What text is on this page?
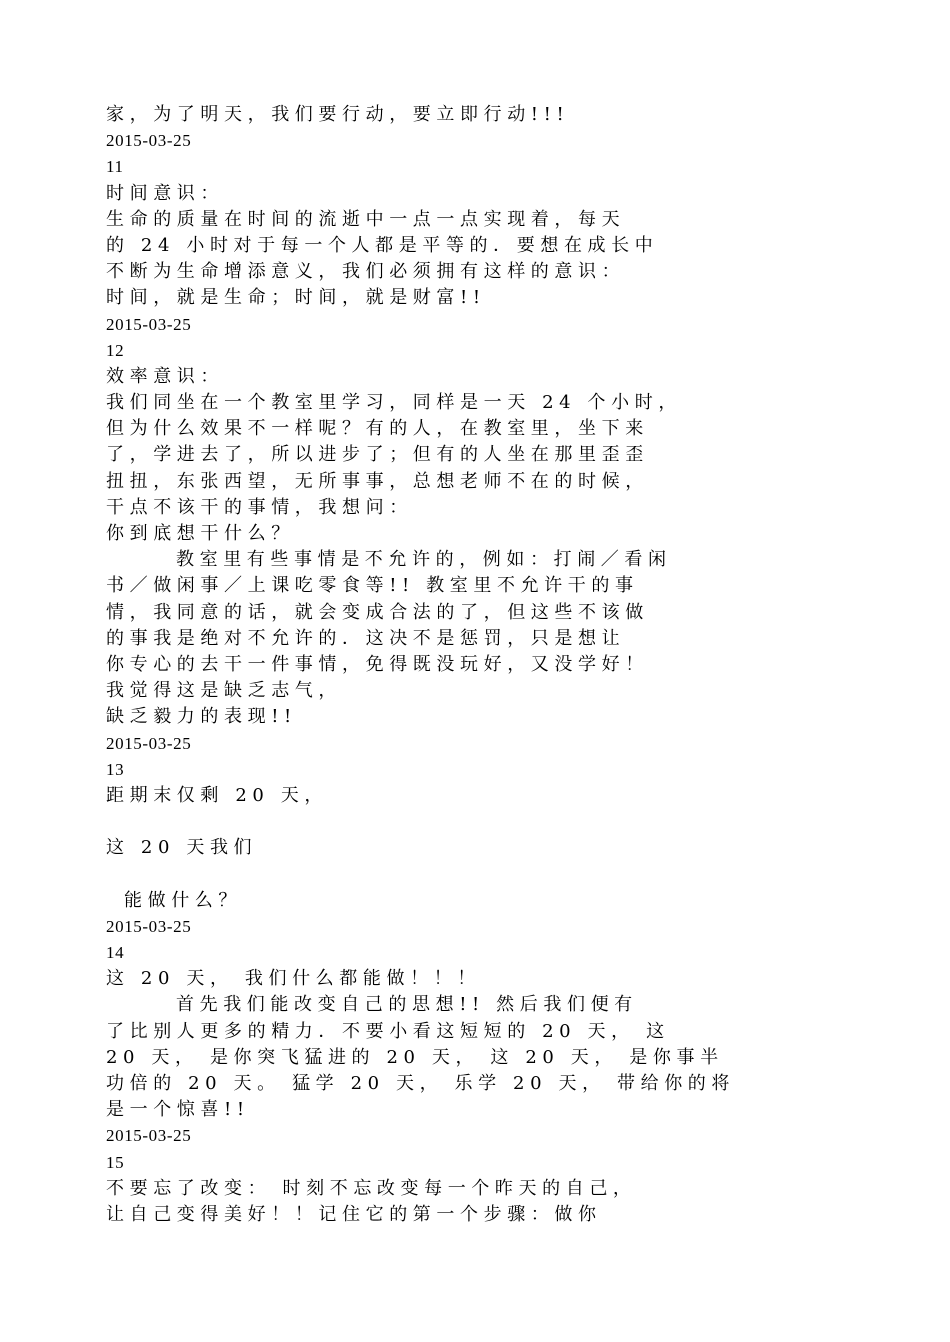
家，为了明天，我们要行动，要立即行动!!!
2015-03-25
11
时间意识：
生命的质量在时间的流逝中一点一点实现着，每天
的 24 小时对于每一个人都是平等的．要想在成长中
不断为生命增添意义，我们必须拥有这样的意识：
时间，就是生命；时间，就是财富!!
2015-03-25
12
效率意识：
我们同坐在一个教室里学习，同样是一天 24 个小时，
但为什么效果不一样呢？有的人，在教室里，坐下来
了，学进去了，所以进步了；但有的人坐在那里歪歪
扭扭，东张西望，无所事事，总想老师不在的时候，
干点不该干的事情，我想问：
你到底想干什么？
教室里有些事情是不允许的，例如：打闹／看闲
书／做闲事／上课吃零食等!! 教室里不允许干的事
情，我同意的话，就会变成合法的了，但这些不该做
的事我是绝对不允许的．这决不是惩罚，只是想让
你专心的去干一件事情，免得既没玩好，又没学好！
我觉得这是缺乏志气，
缺乏毅力的表现!!
2015-03-25
13
距期末仅剩 20 天，
这 20 天我们
能做什么？
2015-03-25
14
这 20 天， 我们什么都能做！！！
首先我们能改变自己的思想!! 然后我们便有
了比别人更多的精力．不要小看这短短的 20 天， 这
20 天， 是你突飞猛进的 20 天， 这 20 天， 是你事半
功倍的 20 天。 猛学 20 天， 乐学 20 天， 带给你的将
是一个惊喜!!
2015-03-25
15
不要忘了改变： 时刻不忘改变每一个昨天的自己，
让自己变得美好！！记住它的第一个步骤：做你
